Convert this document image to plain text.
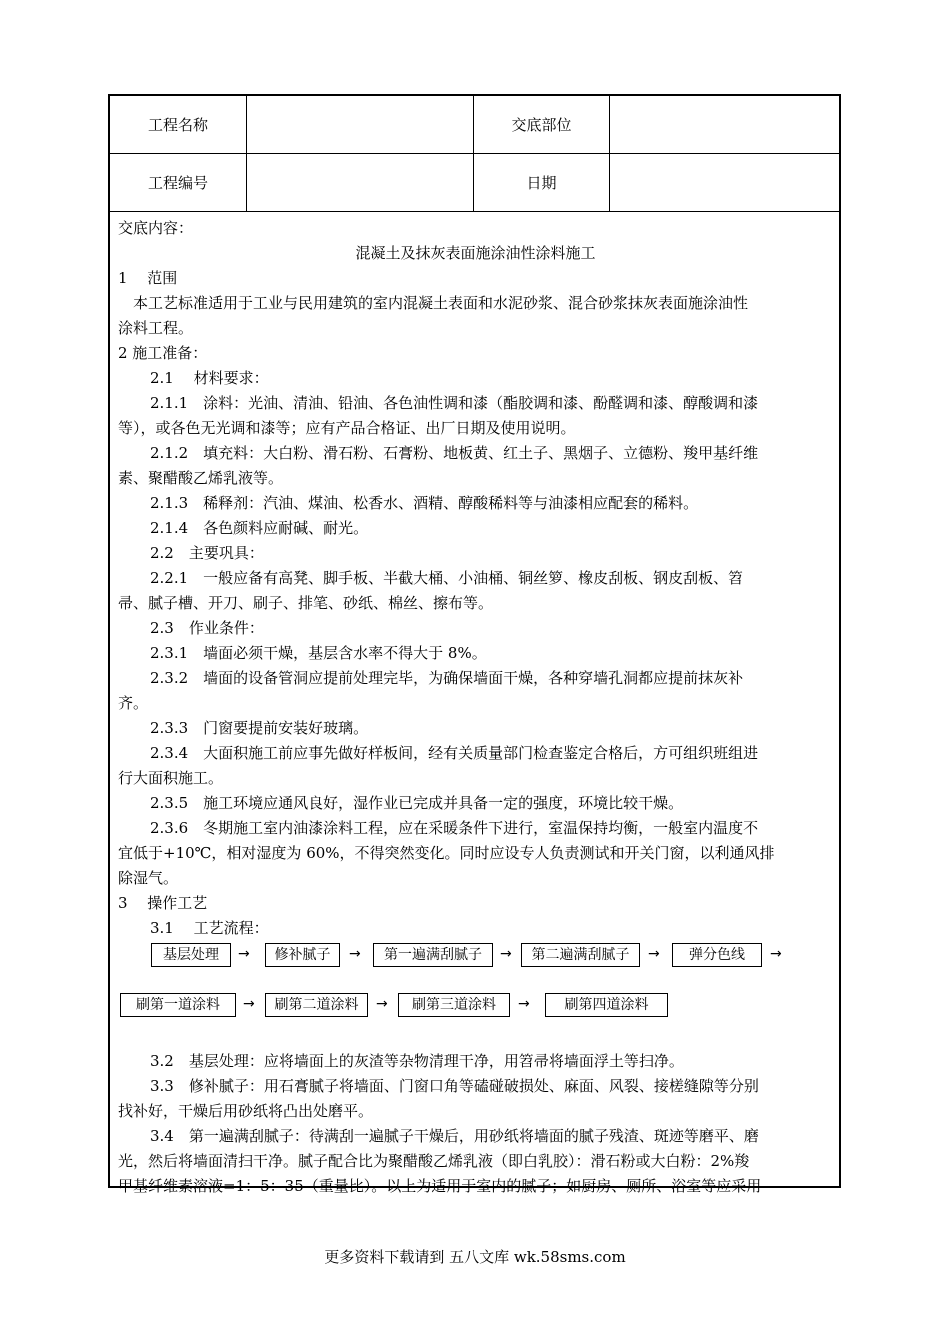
工程名称		交底部位	
工程编号		日期	
交底内容：
混凝土及抹灰表面施涂油性涂料施工
1　 范围
　本工艺标准适用于工业与民用建筑的室内混凝土表面和水泥砂浆、混合砂浆抹灰表面施涂油性
涂料工程。
2 施工准备：
2.1　 材料要求：
2.1.1　涂料：光油、清油、铅油、各色油性调和漆（酯胶调和漆、酚醛调和漆、醇酸调和漆
等），或各色无光调和漆等；应有产品合格证、出厂日期及使用说明。
2.1.2　填充料：大白粉、滑石粉、石膏粉、地板黄、红土子、黑烟子、立德粉、羧甲基纤维
素、聚醋酸乙烯乳液等。
2.1.3　稀释剂：汽油、煤油、松香水、酒精、醇酸稀料等与油漆相应配套的稀料。
2.1.4　各色颜料应耐碱、耐光。
2.2　主要巩具：
2.2.1　一般应备有高凳、脚手板、半截大桶、小油桶、铜丝箩、橡皮刮板、钢皮刮板、笤
帚、腻子槽、开刀、刷子、排笔、砂纸、棉丝、擦布等。
2.3　作业条件：
2.3.1　墙面必须干燥，基层含水率不得大于 8%。
2.3.2　墙面的设备管洞应提前处理完毕，为确保墙面干燥，各种穿墙孔洞都应提前抹灰补
齐。
2.3.3　门窗要提前安装好玻璃。
2.3.4　大面积施工前应事先做好样板间，经有关质量部门检查鉴定合格后，方可组织班组进
行大面积施工。
2.3.5　施工环境应通风良好，湿作业已完成并具备一定的强度，环境比较干燥。
2.3.6　冬期施工室内油漆涂料工程，应在采暖条件下进行，室温保持均衡，一般室内温度不
宜低于+10℃，相对湿度为 60%，不得突然变化。同时应设专人负责测试和开关门窗，以利通风排
除湿气。
3　 操作工艺
3.1　 工艺流程：
基层处理	→	修补腻子	→	第一遍满刮腻子	→	第二遍满刮腻子	→	弹分色线	→
刷第一道涂料	→	刷第二道涂料	→	刷第三道涂料	→	刷第四道涂料
3.2　基层处理：应将墙面上的灰渣等杂物清理干净，用笤帚将墙面浮土等扫净。
3.3　修补腻子：用石膏腻子将墙面、门窗口角等磕碰破损处、麻面、风裂、接槎缝隙等分别
找补好，干燥后用砂纸将凸出处磨平。
3.4　第一遍满刮腻子：待满刮一遍腻子干燥后，用砂纸将墙面的腻子残渣、斑迹等磨平、磨
光，然后将墙面清扫干净。腻子配合比为聚醋酸乙烯乳液（即白乳胶）：滑石粉或大白粉：2%羧
甲基纤维素溶液=1：5：35（重量比）。以上为适用于室内的腻子；如厨房、厕所、浴室等应采用
更多资料下载请到 五八文库 wk.58sms.com
